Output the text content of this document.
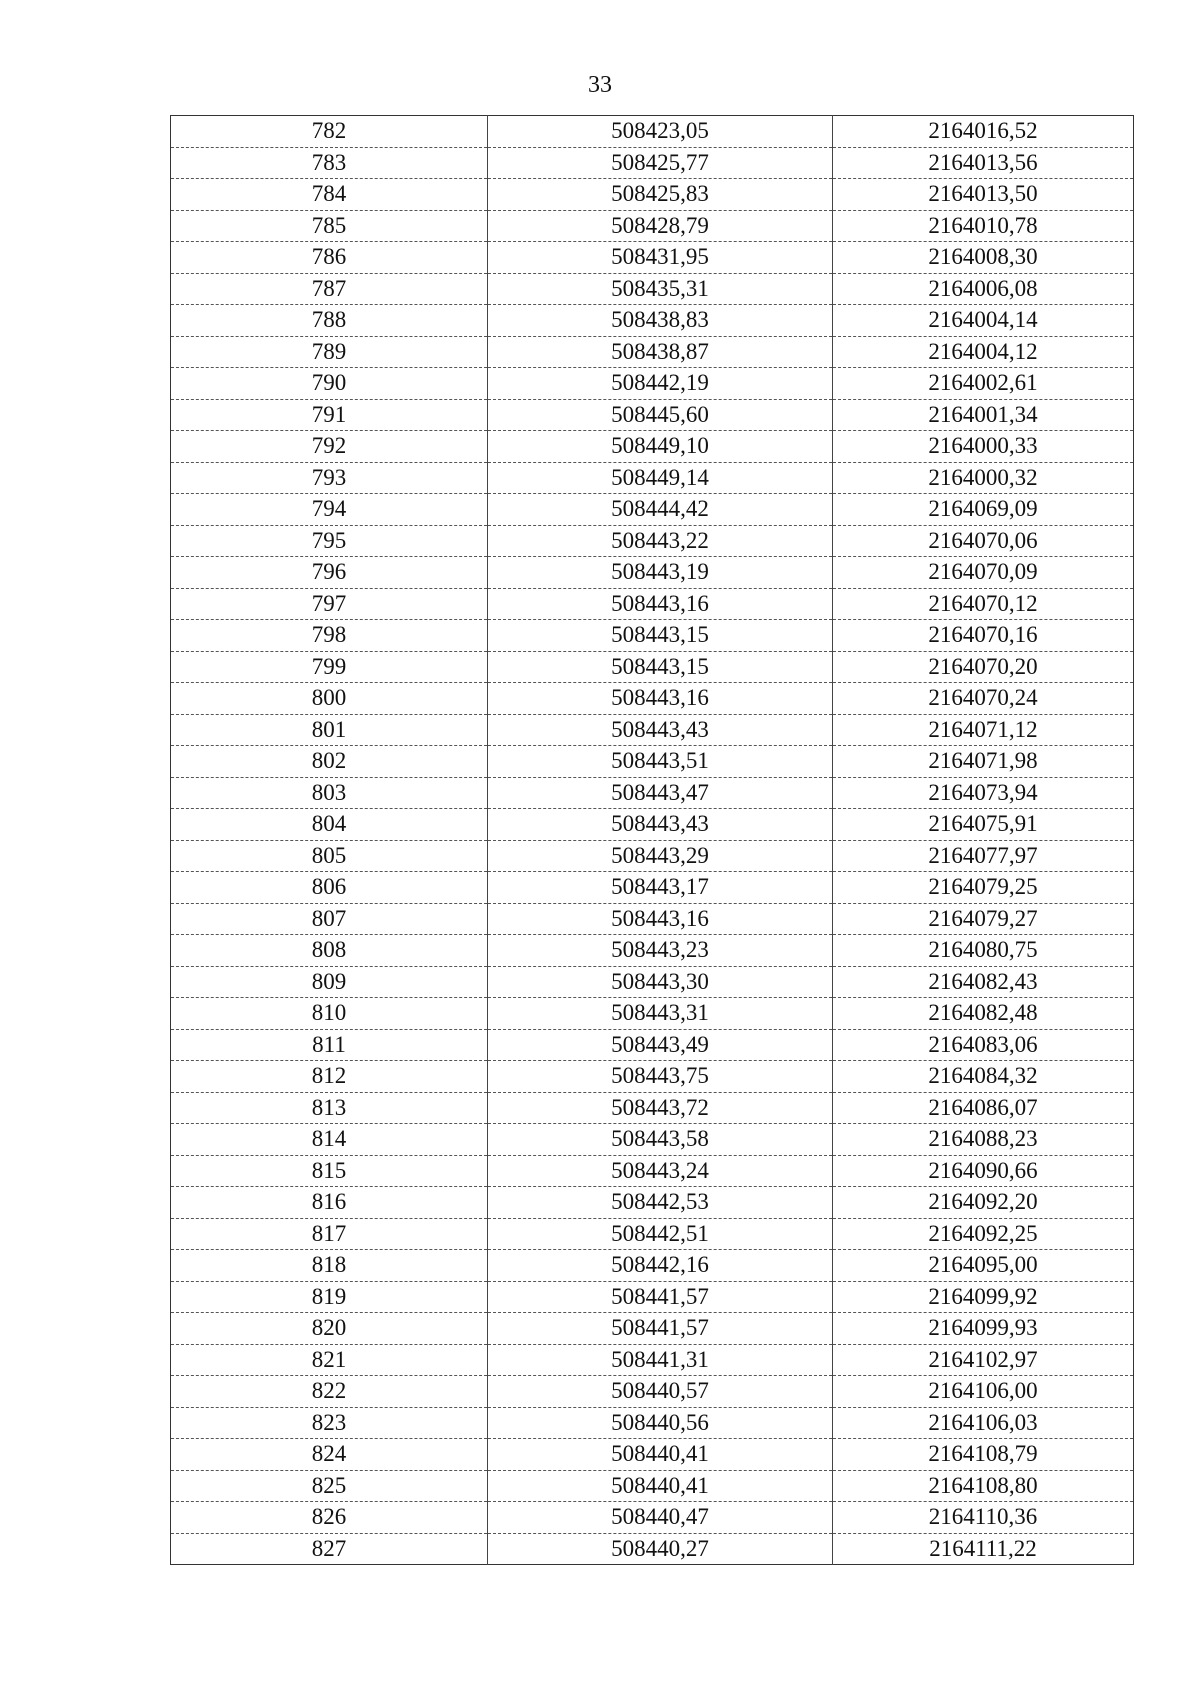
33
782	508423,05	2164016,52
783	508425,77	2164013,56
784	508425,83	2164013,50
785	508428,79	2164010,78
786	508431,95	2164008,30
787	508435,31	2164006,08
788	508438,83	2164004,14
789	508438,87	2164004,12
790	508442,19	2164002,61
791	508445,60	2164001,34
792	508449,10	2164000,33
793	508449,14	2164000,32
794	508444,42	2164069,09
795	508443,22	2164070,06
796	508443,19	2164070,09
797	508443,16	2164070,12
798	508443,15	2164070,16
799	508443,15	2164070,20
800	508443,16	2164070,24
801	508443,43	2164071,12
802	508443,51	2164071,98
803	508443,47	2164073,94
804	508443,43	2164075,91
805	508443,29	2164077,97
806	508443,17	2164079,25
807	508443,16	2164079,27
808	508443,23	2164080,75
809	508443,30	2164082,43
810	508443,31	2164082,48
811	508443,49	2164083,06
812	508443,75	2164084,32
813	508443,72	2164086,07
814	508443,58	2164088,23
815	508443,24	2164090,66
816	508442,53	2164092,20
817	508442,51	2164092,25
818	508442,16	2164095,00
819	508441,57	2164099,92
820	508441,57	2164099,93
821	508441,31	2164102,97
822	508440,57	2164106,00
823	508440,56	2164106,03
824	508440,41	2164108,79
825	508440,41	2164108,80
826	508440,47	2164110,36
827	508440,27	2164111,22
